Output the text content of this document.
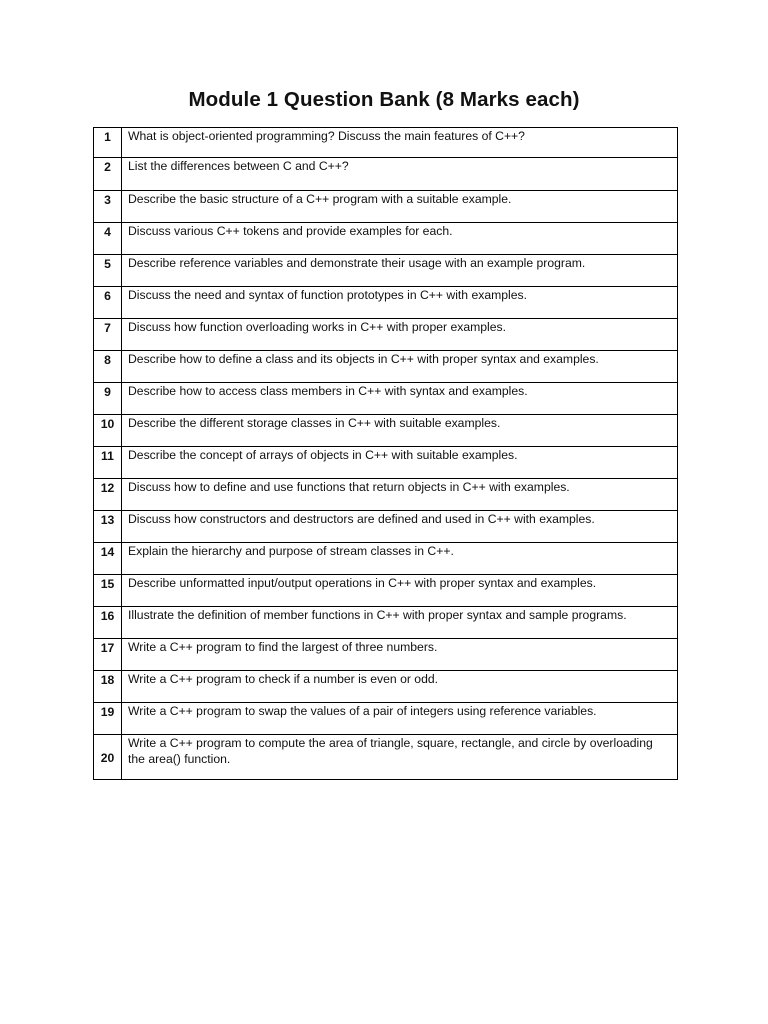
Module 1 Question Bank (8 Marks each)
1	What is object-oriented programming? Discuss the main features of C++?

2	List the differences between C and C++?

3	Describe the basic structure of a C++ program with a suitable example.

4	Discuss various C++ tokens and provide examples for each.

5	Describe reference variables and demonstrate their usage with an example program.

6	Discuss the need and syntax of function prototypes in C++ with examples.

7	Discuss how function overloading works in C++ with proper examples.

8	Describe how to define a class and its objects in C++ with proper syntax and examples.

9	Describe how to access class members in C++ with syntax and examples.

10	Describe the different storage classes in C++ with suitable examples.

11	Describe the concept of arrays of objects in C++ with suitable examples.

12	Discuss how to define and use functions that return objects in C++ with examples.

13	Discuss how constructors and destructors are defined and used in C++ with examples.

14	Explain the hierarchy and purpose of stream classes in C++.

15	Describe unformatted input/output operations in C++ with proper syntax and examples.

16	Illustrate the definition of member functions in C++ with proper syntax and sample programs.

17	Write a C++ program to find the largest of three numbers.

18	Write a C++ program to check if a number is even or odd.

19	Write a C++ program to swap the values of a pair of integers using reference variables.

20	Write a C++ program to compute the area of triangle, square, rectangle, and circle by overloading the area() function.
